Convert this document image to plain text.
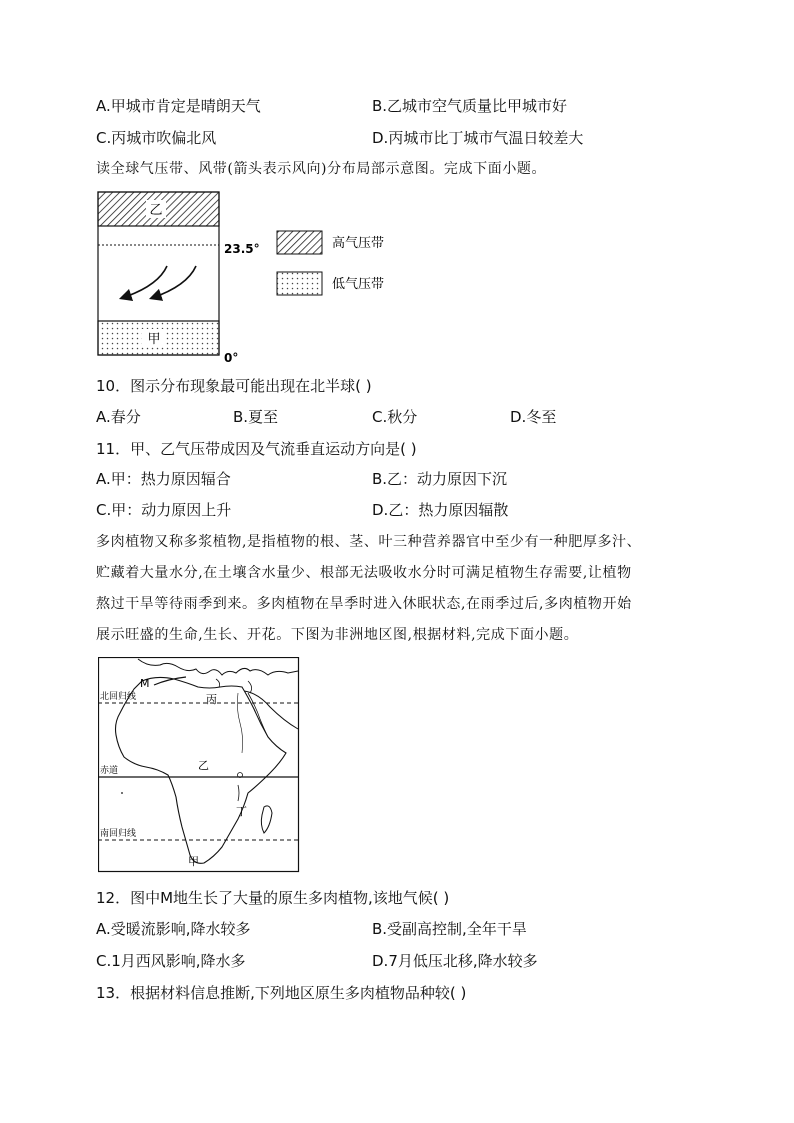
A.甲城市肯定是晴朗天气	B.乙城市空气质量比甲城市好
C.丙城市吹偏北风	D.丙城市比丁城市气温日较差大
读全球气压带、风带(箭头表示风向)分布局部示意图。完成下面小题。
乙
甲
23.5°
0°
高气压带
低气压带
10．图示分布现象最可能出现在北半球( )
A.春分	B.夏至	C.秋分	D.冬至
11．甲、乙气压带成因及气流垂直运动方向是( )
A.甲：热力原因辐合	B.乙：动力原因下沉
C.甲：动力原因上升	D.乙：热力原因辐散
多肉植物又称多浆植物,是指植物的根、茎、叶三种营养器官中至少有一种肥厚多汁、
贮藏着大量水分,在土壤含水量少、根部无法吸收水分时可满足植物生存需要,让植物
熬过干旱等待雨季到来。多肉植物在旱季时进入休眠状态,在雨季过后,多肉植物开始
展示旺盛的生命,生长、开花。下图为非洲地区图,根据材料,完成下面小题。
北回归线
赤道
南回归线
M
丙
乙
丁
甲
12．图中M地生长了大量的原生多肉植物,该地气候( )
A.受暖流影响,降水较多	B.受副高控制,全年干旱
C.1月西风影响,降水多	D.7月低压北移,降水较多
13．根据材料信息推断,下列地区原生多肉植物品种较( )
